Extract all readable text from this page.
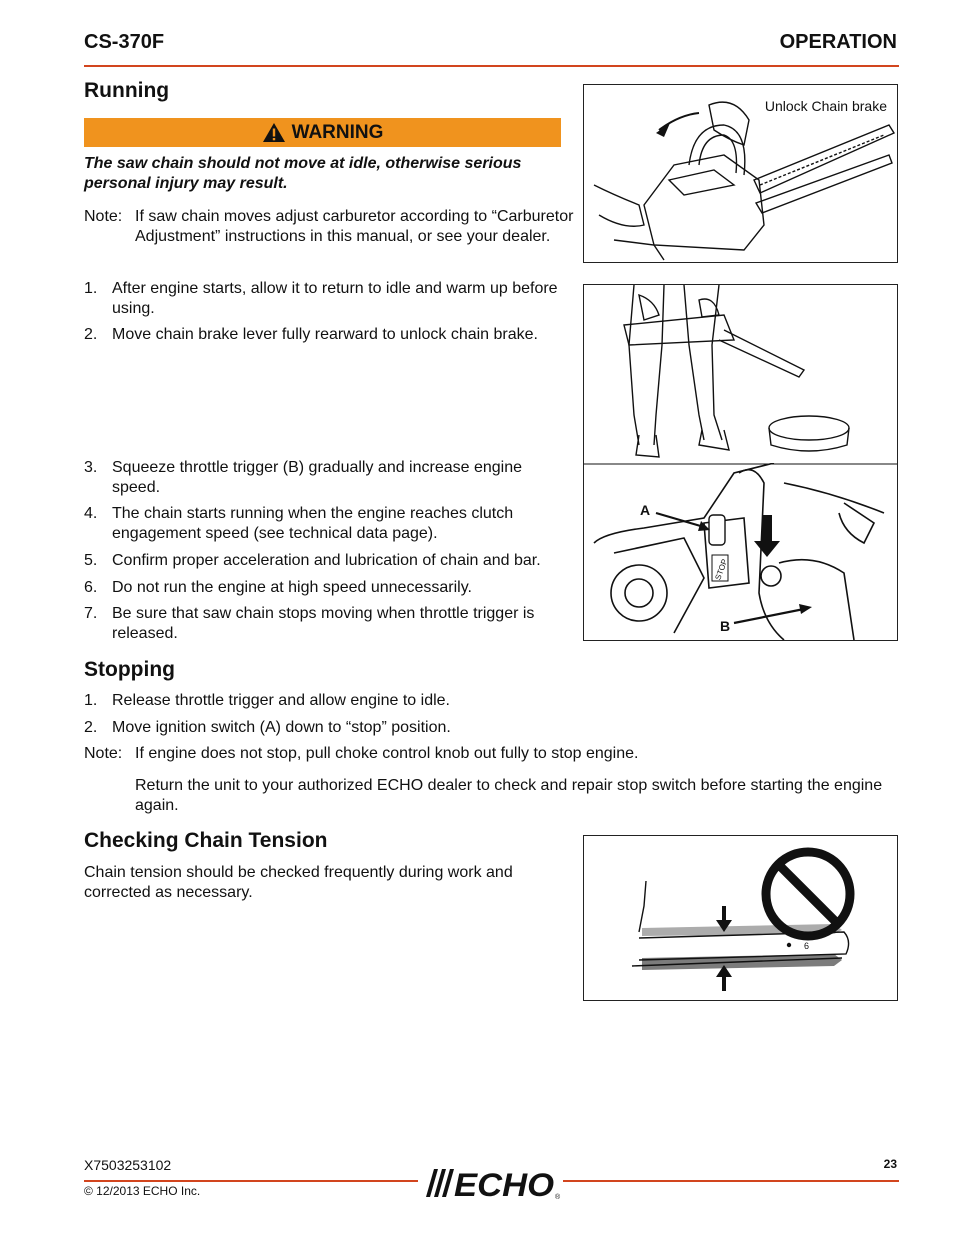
CS-370F	OPERATION
Running
WARNING
The saw chain should not move at idle, otherwise serious personal injury may result.
Note: If saw chain moves adjust carburetor according to “Carburetor Adjustment” instructions in this manual, or see your dealer.
1. After engine starts, allow it to return to idle and warm up before using.
2. Move chain brake lever fully rearward to unlock chain brake.
3. Squeeze throttle trigger (B) gradually and increase engine speed.
4. The chain starts running when the engine reaches clutch engagement speed (see technical data page).
5. Confirm proper acceleration and lubrication of chain and bar.
6. Do not run the engine at high speed unnecessarily.
7. Be sure that saw chain stops moving when throttle trigger is released.
Unlock Chain brake
STOP
A
B
Stopping
1. Release throttle trigger and allow engine to idle.
2. Move ignition switch (A) down to “stop” position.
Note: If engine does not stop, pull choke control knob out fully to stop engine.
Return the unit to your authorized ECHO dealer to check and repair stop switch before starting the engine again.
Checking Chain Tension
Chain tension should be checked frequently during work and corrected as necessary.
6
X7503253102	23
ECHO ®
© 12/2013 ECHO Inc.
